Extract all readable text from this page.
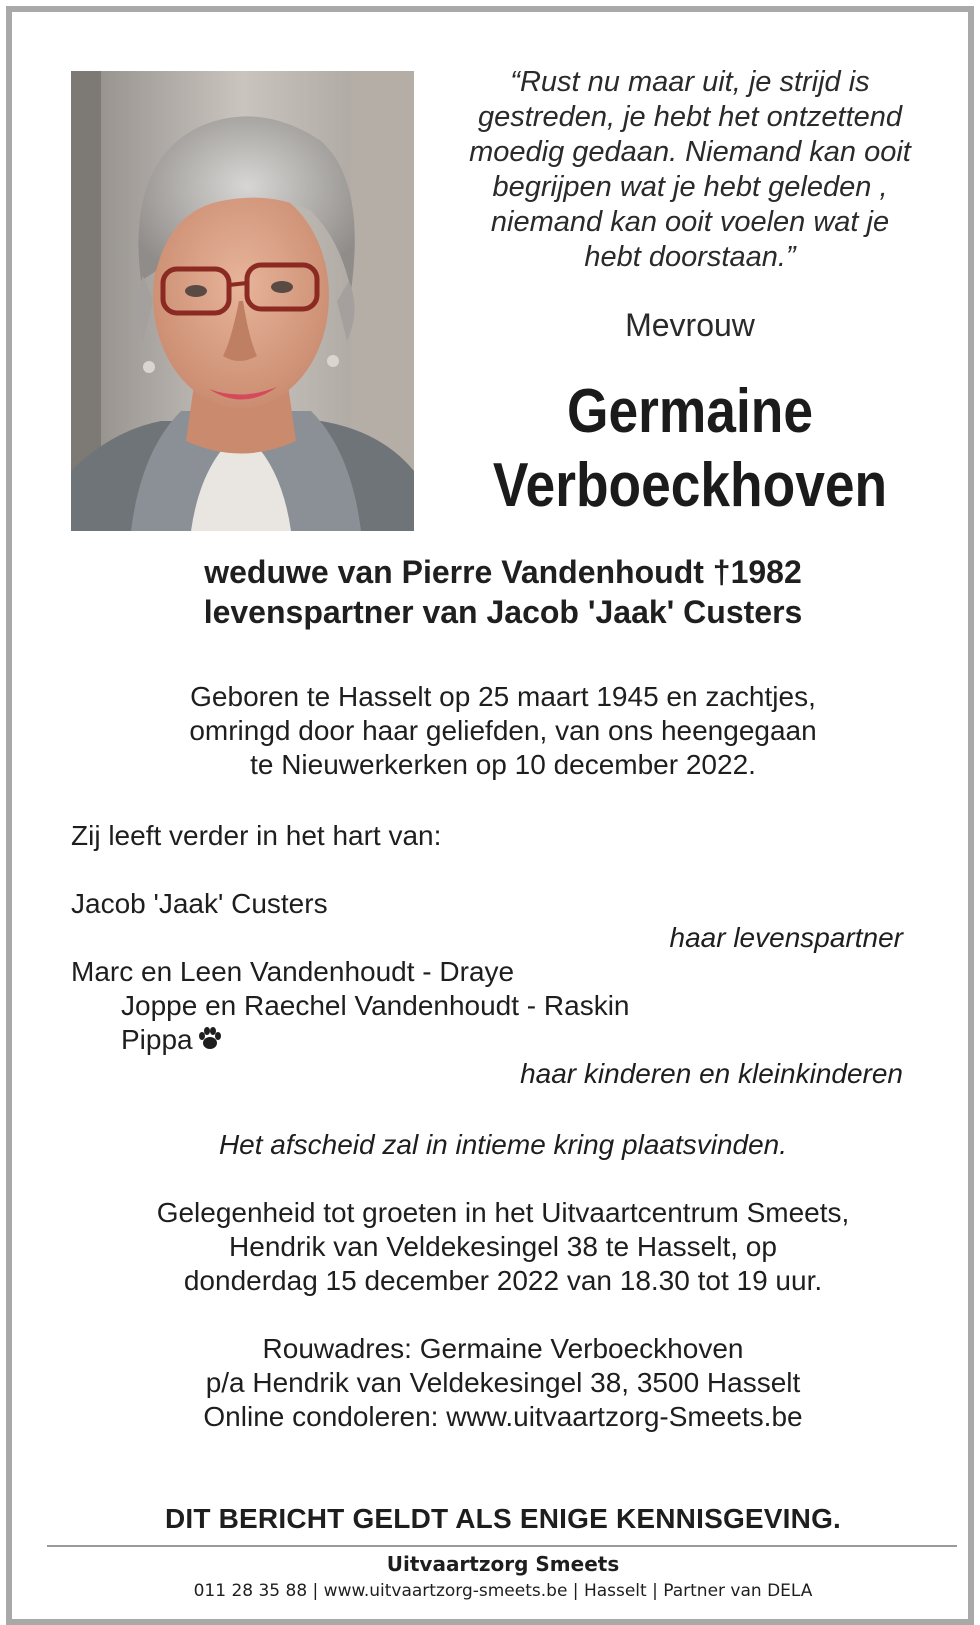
“Rust nu maar uit, je strijd is
gestreden, je hebt het ontzettend
moedig gedaan. Niemand kan ooit
begrijpen wat je hebt geleden ,
niemand kan ooit voelen wat je
hebt doorstaan.”
Mevrouw
Germaine
Verboeckhoven
weduwe van Pierre Vandenhoudt †1982
levenspartner van Jacob 'Jaak' Custers
Geboren te Hasselt op 25 maart 1945 en zachtjes,
omringd door haar geliefden, van ons heengegaan
te Nieuwerkerken op 10 december 2022.
Zij leeft verder in het hart van:
Jacob 'Jaak' Custers
haar levenspartner
Marc en Leen Vandenhoudt - Draye
Joppe en Raechel Vandenhoudt - Raskin
Pippa
haar kinderen en kleinkinderen
Het afscheid zal in intieme kring plaatsvinden.
Gelegenheid tot groeten in het Uitvaartcentrum Smeets,
Hendrik van Veldekesingel 38 te Hasselt, op
donderdag 15 december 2022 van 18.30 tot 19 uur.
Rouwadres: Germaine Verboeckhoven
p/a Hendrik van Veldekesingel 38, 3500 Hasselt
Online condoleren: www.uitvaartzorg-Smeets.be
DIT BERICHT GELDT ALS ENIGE KENNISGEVING.
Uitvaartzorg Smeets
011 28 35 88 | www.uitvaartzorg-smeets.be | Hasselt | Partner van DELA
